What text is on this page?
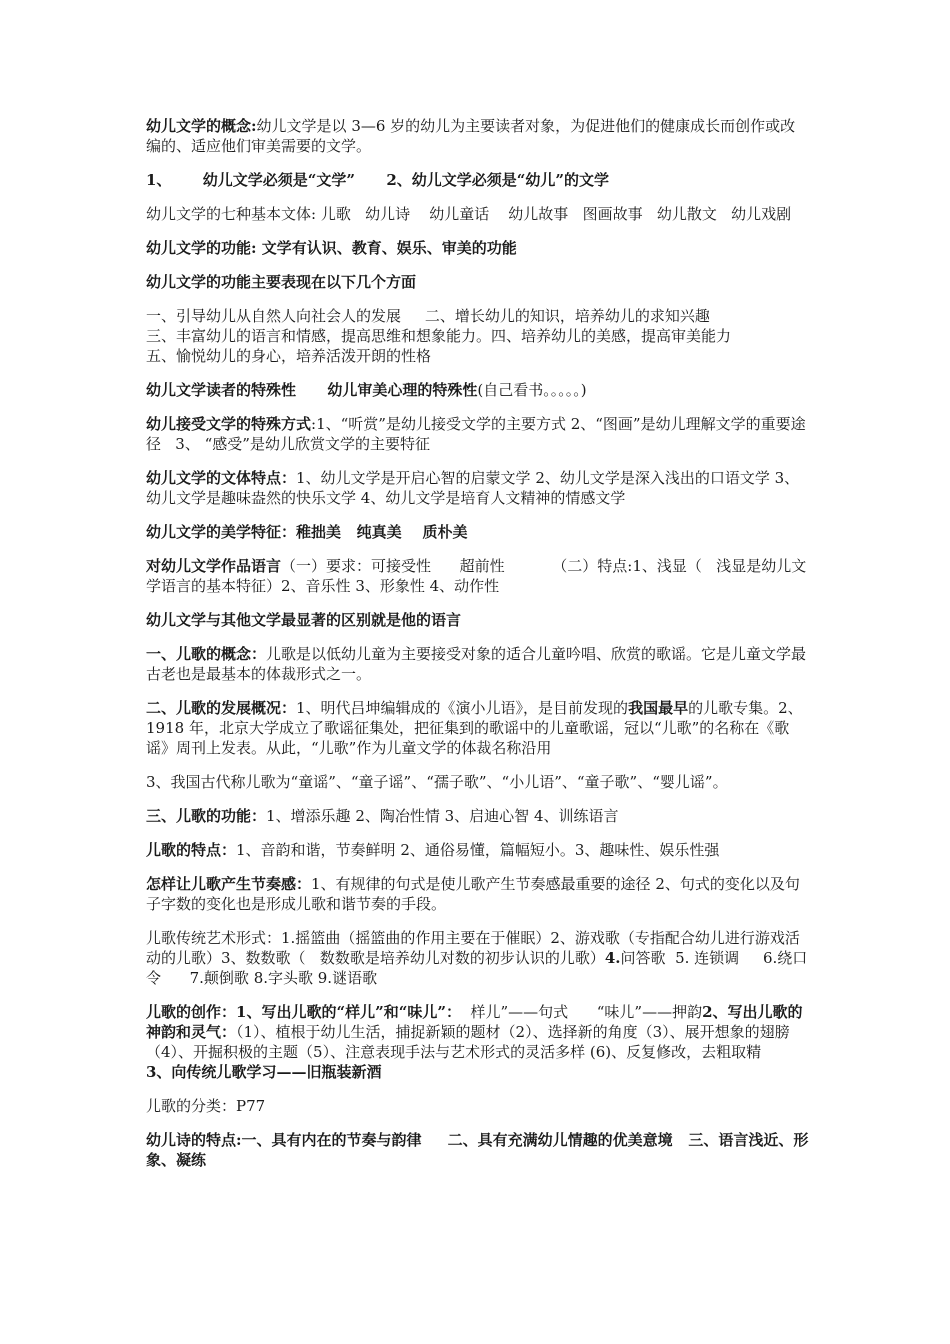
幼儿文学的概念:幼儿文学是以 3—6 岁的幼儿为主要读者对象，为促进他们的健康成长而创作或改编的、适应他们审美需要的文学。

1、      幼儿文学必须是“文学”      2、幼儿文学必须是“幼儿”的文学

幼儿文学的七种基本文体: 儿歌   幼儿诗    幼儿童话    幼儿故事   图画故事   幼儿散文   幼儿戏剧

幼儿文学的功能: 文学有认识、教育、娱乐、审美的功能

幼儿文学的功能主要表现在以下几个方面

一、引导幼儿从自然人向社会人的发展     二、增长幼儿的知识，培养幼儿的求知兴趣
三、丰富幼儿的语言和情感，提高思维和想象能力。四、培养幼儿的美感，提高审美能力
五、愉悦幼儿的身心，培养活泼开朗的性格

幼儿文学读者的特殊性      幼儿审美心理的特殊性(自己看书。。。。。)

幼儿接受文学的特殊方式:1、“听赏”是幼儿接受文学的主要方式 2、“图画”是幼儿理解文学的重要途径   3、 “感受”是幼儿欣赏文学的主要特征

幼儿文学的文体特点：1、幼儿文学是开启心智的启蒙文学 2、幼儿文学是深入浅出的口语文学 3、幼儿文学是趣味盎然的快乐文学 4、幼儿文学是培育人文精神的情感文学

幼儿文学的美学特征：稚拙美   纯真美    质朴美

对幼儿文学作品语言（一）要求：可接受性      超前性          （二）特点:1、浅显（   浅显是幼儿文学语言的基本特征）2、音乐性 3、形象性 4、动作性

幼儿文学与其他文学最显著的区别就是他的语言

一、儿歌的概念：儿歌是以低幼儿童为主要接受对象的适合儿童吟唱、欣赏的歌谣。它是儿童文学最古老也是最基本的体裁形式之一。

二、儿歌的发展概况：1、明代吕坤编辑成的《演小儿语》，是目前发现的我国最早的儿歌专集。2、1918 年，北京大学成立了歌谣征集处，把征集到的歌谣中的儿童歌谣，冠以“儿歌”的名称在《歌谣》周刊上发表。从此，“儿歌”作为儿童文学的体裁名称沿用

3、我国古代称儿歌为“童谣”、“童子谣”、“孺子歌”、“小儿语”、“童子歌”、“婴儿谣”。

三、儿歌的功能：1、增添乐趣 2、陶冶性情 3、启迪心智 4、训练语言

儿歌的特点：1、音韵和谐，节奏鲜明 2、通俗易懂，篇幅短小。3、趣味性、娱乐性强

怎样让儿歌产生节奏感：1、有规律的句式是使儿歌产生节奏感最重要的途径 2、句式的变化以及句子字数的变化也是形成儿歌和谐节奏的手段。

儿歌传统艺术形式：1.摇篮曲（摇篮曲的作用主要在于催眠）2、游戏歌（专指配合幼儿进行游戏活动的儿歌）3、数数歌（   数数歌是培养幼儿对数的初步认识的儿歌）4.问答歌  5. 连锁调     6.绕口令      7.颠倒歌 8.字头歌 9.谜语歌

儿歌的创作：1、写出儿歌的“样儿”和“味儿”：  样儿”——句式      “味儿”——押韵2、写出儿歌的神韵和灵气：（1）、植根于幼儿生活，捕捉新颖的题材（2）、选择新的角度（3）、展开想象的翅膀（4）、开掘积极的主题（5）、注意表现手法与艺术形式的灵活多样 (6)、反复修改，去粗取精     3、向传统儿歌学习——旧瓶装新酒

儿歌的分类：P77

幼儿诗的特点:一、具有内在的节奏与韵律     二、具有充满幼儿情趣的优美意境   三、语言浅近、形象、凝练
